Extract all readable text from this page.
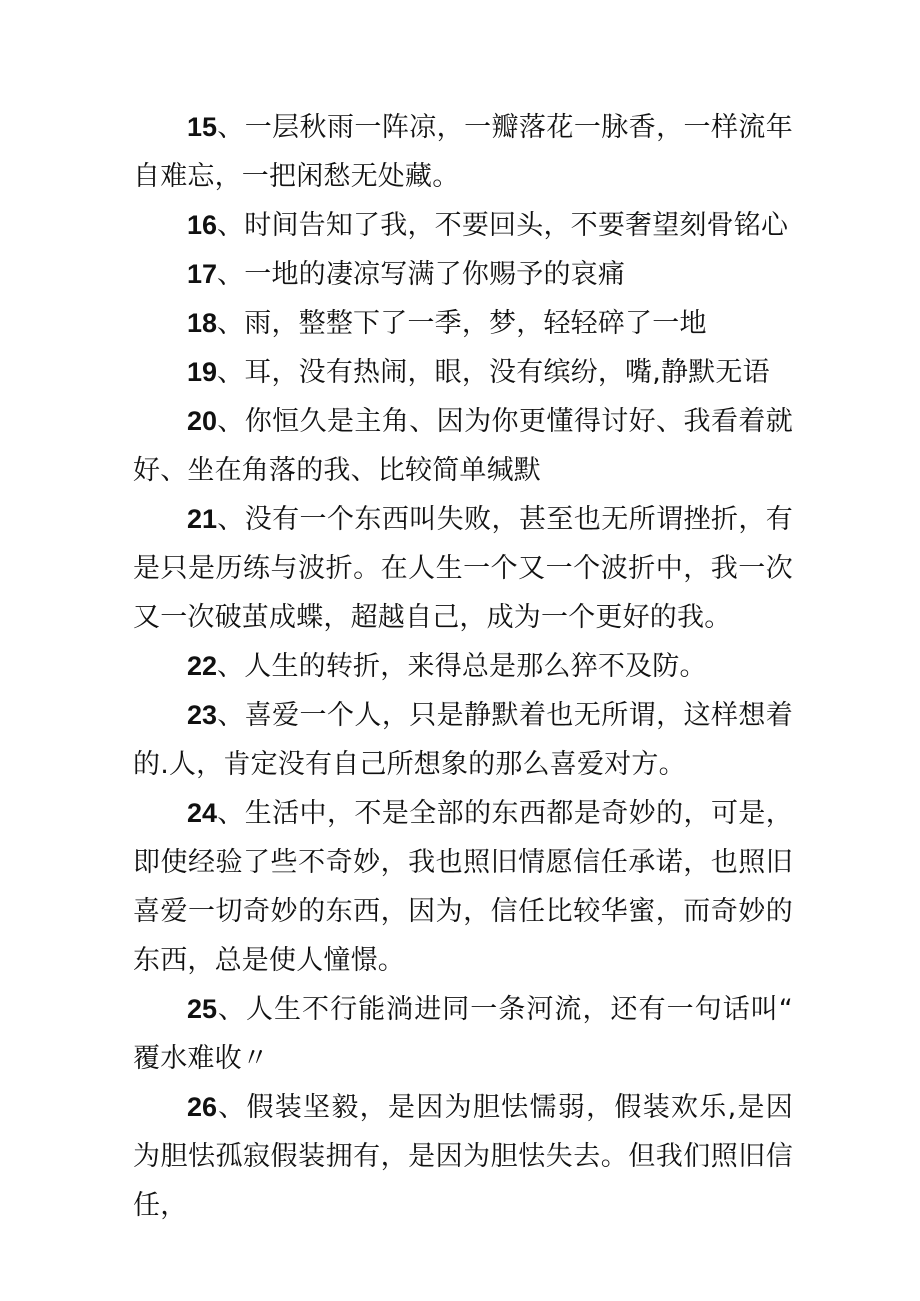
15、一层秋雨一阵凉，一瓣落花一脉香，一样流年自难忘，一把闲愁无处藏。

16、时间告知了我，不要回头，不要奢望刻骨铭心

17、一地的凄凉写满了你赐予的哀痛

18、雨，整整下了一季，梦，轻轻碎了一地

19、耳，没有热闹，眼，没有缤纷，嘴,静默无语

20、你恒久是主角、因为你更懂得讨好、我看着就好、坐在角落的我、比较简单缄默

21、没有一个东西叫失败，甚至也无所谓挫折，有是只是历练与波折。在人生一个又一个波折中，我一次又一次破茧成蝶，超越自己，成为一个更好的我。

22、人生的转折，来得总是那么猝不及防。

23、喜爱一个人，只是静默着也无所谓，这样想着的.人，肯定没有自己所想象的那么喜爱对方。

24、生活中，不是全部的东西都是奇妙的，可是，即使经验了些不奇妙，我也照旧情愿信任承诺，也照旧喜爱一切奇妙的东西，因为，信任比较华蜜，而奇妙的东西，总是使人憧憬。

25、人生不行能淌进同一条河流，还有一句话叫“覆水难收〃

26、假装坚毅，是因为胆怯懦弱，假装欢乐,是因为胆怯孤寂假装拥有，是因为胆怯失去。但我们照旧信任，
